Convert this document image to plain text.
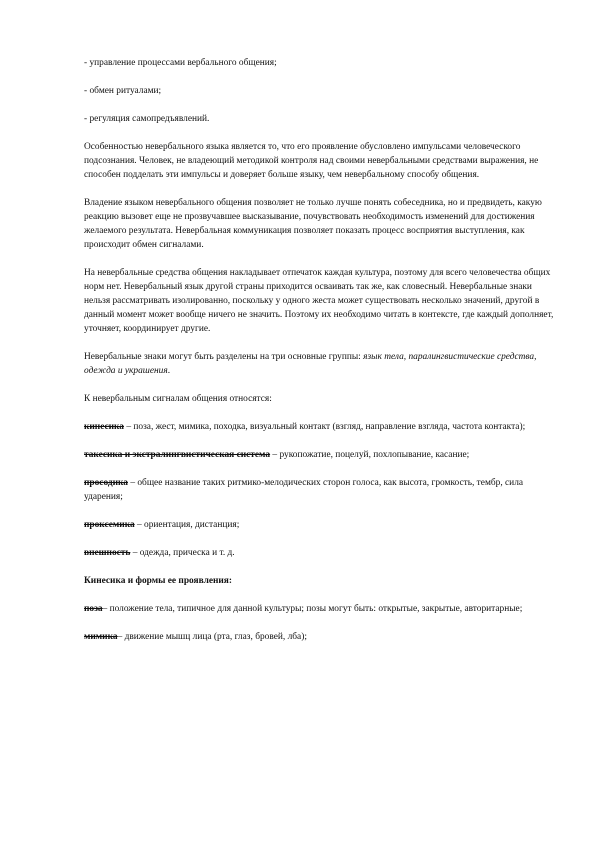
- управление процессами вербального общения;

- обмен ритуалами;

- регуляция самопредъявлений.

Особенностью невербального языка является то, что его проявление обусловлено импульсами человеческого подсознания. Человек, не владеющий методикой контроля над своими невербальными средствами выражения, не способен подделать эти импульсы и доверяет больше языку, чем невербальному способу общения.

Владение языком невербального общения позволяет не только лучше понять собеседника, но и предвидеть, какую реакцию вызовет еще не прозвучавшее высказывание, почувствовать необходимость изменений для достижения желаемого результата. Невербальная коммуникация позволяет показать процесс восприятия выступления, как происходит обмен сигналами.

На невербальные средства общения накладывает отпечаток каждая культура, поэтому для всего человечества общих норм нет. Невербальный язык другой страны приходится осваивать так же, как словесный. Невербальные знаки нельзя рассматривать изолированно, поскольку у одного жеста может существовать несколько значений, другой в данный момент может вообще ничего не значить. Поэтому их необходимо читать в контексте, где каждый дополняет, уточняет, координирует другие.

Невербальные знаки могут быть разделены на три основные группы: язык тела, паралингвистические средства, одежда и украшения.

К невербальным сигналам общения относятся:

кинесика – поза, жест, мимика, походка, визуальный контакт (взгляд, направление взгляда, частота контакта);

такесика и экстралингвистическая система – рукопожатие, поцелуй, похлопывание, касание;

просодика – общее название таких ритмико-мелодических сторон голоса, как высота, громкость, тембр, сила ударения;

проксемика – ориентация, дистанция;

внешность – одежда, прическа и т. д.

Кинесика и формы ее проявления:

поза– положение тела, типичное для данной культуры; позы могут быть: открытые, закрытые, авторитарные;

мимика– движение мышц лица (рта, глаз, бровей, лба);
